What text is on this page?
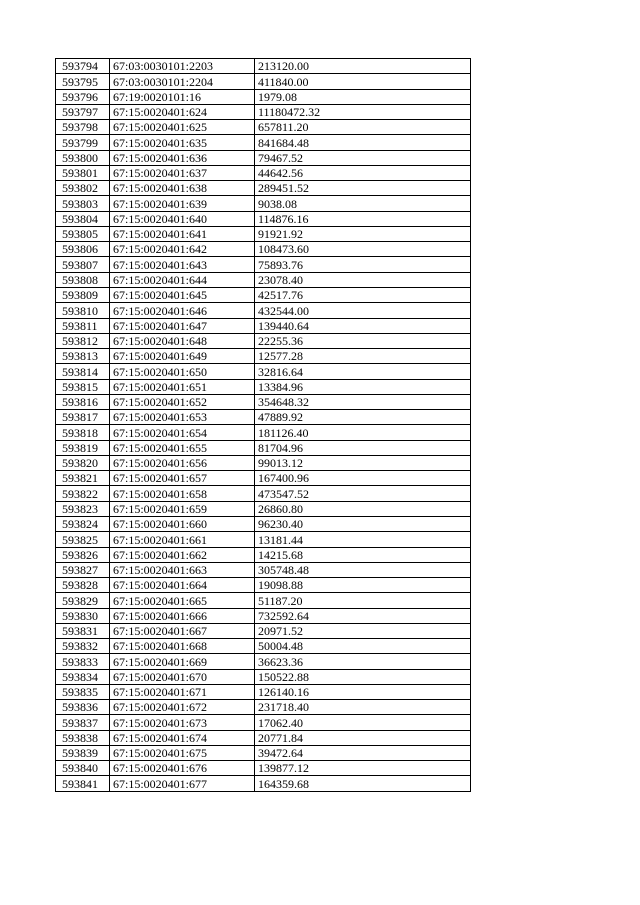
593794	67:03:0030101:2203	213120.00
593795	67:03:0030101:2204	411840.00
593796	67:19:0020101:16	1979.08
593797	67:15:0020401:624	11180472.32
593798	67:15:0020401:625	657811.20
593799	67:15:0020401:635	841684.48
593800	67:15:0020401:636	79467.52
593801	67:15:0020401:637	44642.56
593802	67:15:0020401:638	289451.52
593803	67:15:0020401:639	9038.08
593804	67:15:0020401:640	114876.16
593805	67:15:0020401:641	91921.92
593806	67:15:0020401:642	108473.60
593807	67:15:0020401:643	75893.76
593808	67:15:0020401:644	23078.40
593809	67:15:0020401:645	42517.76
593810	67:15:0020401:646	432544.00
593811	67:15:0020401:647	139440.64
593812	67:15:0020401:648	22255.36
593813	67:15:0020401:649	12577.28
593814	67:15:0020401:650	32816.64
593815	67:15:0020401:651	13384.96
593816	67:15:0020401:652	354648.32
593817	67:15:0020401:653	47889.92
593818	67:15:0020401:654	181126.40
593819	67:15:0020401:655	81704.96
593820	67:15:0020401:656	99013.12
593821	67:15:0020401:657	167400.96
593822	67:15:0020401:658	473547.52
593823	67:15:0020401:659	26860.80
593824	67:15:0020401:660	96230.40
593825	67:15:0020401:661	13181.44
593826	67:15:0020401:662	14215.68
593827	67:15:0020401:663	305748.48
593828	67:15:0020401:664	19098.88
593829	67:15:0020401:665	51187.20
593830	67:15:0020401:666	732592.64
593831	67:15:0020401:667	20971.52
593832	67:15:0020401:668	50004.48
593833	67:15:0020401:669	36623.36
593834	67:15:0020401:670	150522.88
593835	67:15:0020401:671	126140.16
593836	67:15:0020401:672	231718.40
593837	67:15:0020401:673	17062.40
593838	67:15:0020401:674	20771.84
593839	67:15:0020401:675	39472.64
593840	67:15:0020401:676	139877.12
593841	67:15:0020401:677	164359.68
